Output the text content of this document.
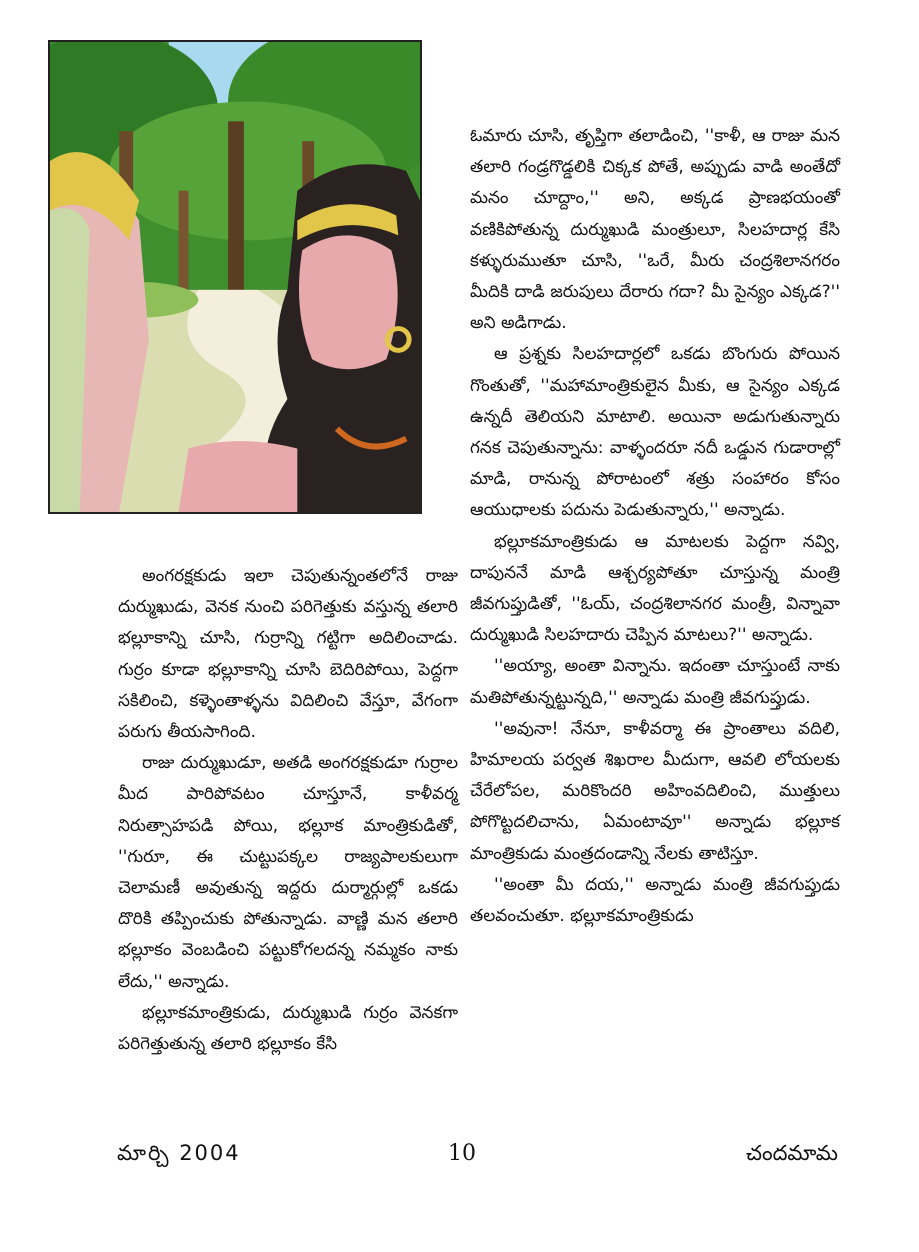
అంగరక్షకుడు ఇలా చెపుతున్నంతలోనే రాజు దుర్ముఖుడు, వెనక నుంచి పరిగెత్తుకు వస్తున్న తలారి భల్లూకాన్ని చూసి, గుర్రాన్ని గట్టిగా అదిలించాడు. గుర్రం కూడా భల్లూకాన్ని చూసి బెదిరిపోయి, పెద్దగా సకిలించి, కళ్ళెంతాళ్ళను విదిలించి వేస్తూ, వేగంగా పరుగు తీయసాగింది.

రాజు దుర్ముఖుడూ, అతడి అంగరక్షకుడూ గుర్రాల మీద పారిపోవటం చూస్తూనే, కాళీవర్మ నిరుత్సాహపడి పోయి, భల్లూక మాంత్రికుడితో, ''గురూ, ఈ చుట్టుపక్కల రాజ్యపాలకులుగా చెలామణీ అవుతున్న ఇద్దరు దుర్మార్గుల్లో ఒకడు దొరికి తప్పించుకు పోతున్నాడు. వాణ్ణి మన తలారి భల్లూకం వెంబడించి పట్టుకోగలదన్న నమ్మకం నాకు లేదు,'' అన్నాడు.

భల్లూకమాంత్రికుడు, దుర్ముఖుడి గుర్రం వెనకగా పరిగెత్తుతున్న తలారి భల్లూకం కేసి

ఓమారు చూసి, తృప్తిగా తలాడించి, ''కాళీ, ఆ రాజు మన తలారి గండ్రగొడ్డలికి చిక్కక పోతే, అప్పుడు వాడి అంతేదో మనం చూద్దాం,'' అని, అక్కడ ప్రాణభయంతో వణికిపోతున్న దుర్ముఖుడి మంత్రులూ, సిలహదార్ల కేసి కళ్ళురుముతూ చూసి, ''ఒరే, మీరు చంద్రశిలానగరం మీదికి దాడి జరుపులు దేరారు గదా? మీ సైన్యం ఎక్కడ?'' అని అడిగాడు.

ఆ ప్రశ్నకు సిలహదార్లలో ఒకడు బొంగురు పోయిన గొంతుతో, ''మహామాంత్రికులైన మీకు, ఆ సైన్యం ఎక్కడ ఉన్నదీ తెలియని మాటాలి. అయినా అడుగుతున్నారు గనక చెపుతున్నాను: వాళ్ళందరూ నదీ ఒడ్డున గుడారాల్లో మాడి, రానున్న పోరాటంలో శత్రు సంహారం కోసం ఆయుధాలకు పదును పెడుతున్నారు,'' అన్నాడు.

భల్లూకమాంత్రికుడు ఆ మాటలకు పెద్దగా నవ్వి, దాపుననే మాడి ఆశ్చర్యపోతూ చూస్తున్న మంత్రి జీవగుప్తుడితో, ''ఓయ్, చంద్రశిలానగర మంత్రీ, విన్నావా దుర్ముఖుడి సిలహదారు చెప్పిన మాటలు?'' అన్నాడు.

''అయ్యా, అంతా విన్నాను. ఇదంతా చూస్తుంటే నాకు మతిపోతున్నట్టున్నది,'' అన్నాడు మంత్రి జీవగుప్తుడు.

''అవునా! నేనూ, కాళీవర్మా ఈ ప్రాంతాలు వదిలి, హిమాలయ పర్వత శిఖరాల మీదుగా, ఆవలి లోయలకు చేరేలోపల, మరికొందరి అహింవదిలించి, ముత్తులు పోగొట్టదలిచాను, ఏమంటావూ'' అన్నాడు భల్లూక మాంత్రికుడు మంత్రదండాన్ని నేలకు తాటిస్తూ.

''అంతా మీ దయ,'' అన్నాడు మంత్రి జీవగుప్తుడు తలవంచుతూ. భల్లూకమాంత్రికుడు

మార్చి 2004	10	చందమామ
